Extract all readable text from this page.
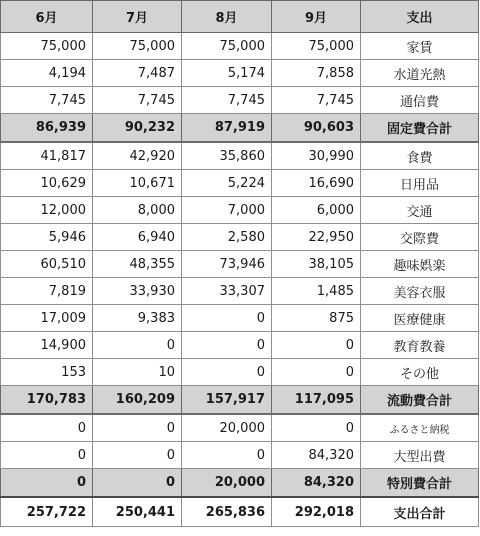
6月	7月	8月	9月	支出
75,000	75,000	75,000	75,000	家賃
4,194	7,487	5,174	7,858	水道光熱
7,745	7,745	7,745	7,745	通信費
86,939	90,232	87,919	90,603	固定費合計
41,817	42,920	35,860	30,990	食費
10,629	10,671	5,224	16,690	日用品
12,000	8,000	7,000	6,000	交通
5,946	6,940	2,580	22,950	交際費
60,510	48,355	73,946	38,105	趣味娯楽
7,819	33,930	33,307	1,485	美容衣服
17,009	9,383	0	875	医療健康
14,900	0	0	0	教育教養
153	10	0	0	その他
170,783	160,209	157,917	117,095	流動費合計
0	0	20,000	0	ふるさと納税
0	0	0	84,320	大型出費
0	0	20,000	84,320	特別費合計
257,722	250,441	265,836	292,018	支出合計
